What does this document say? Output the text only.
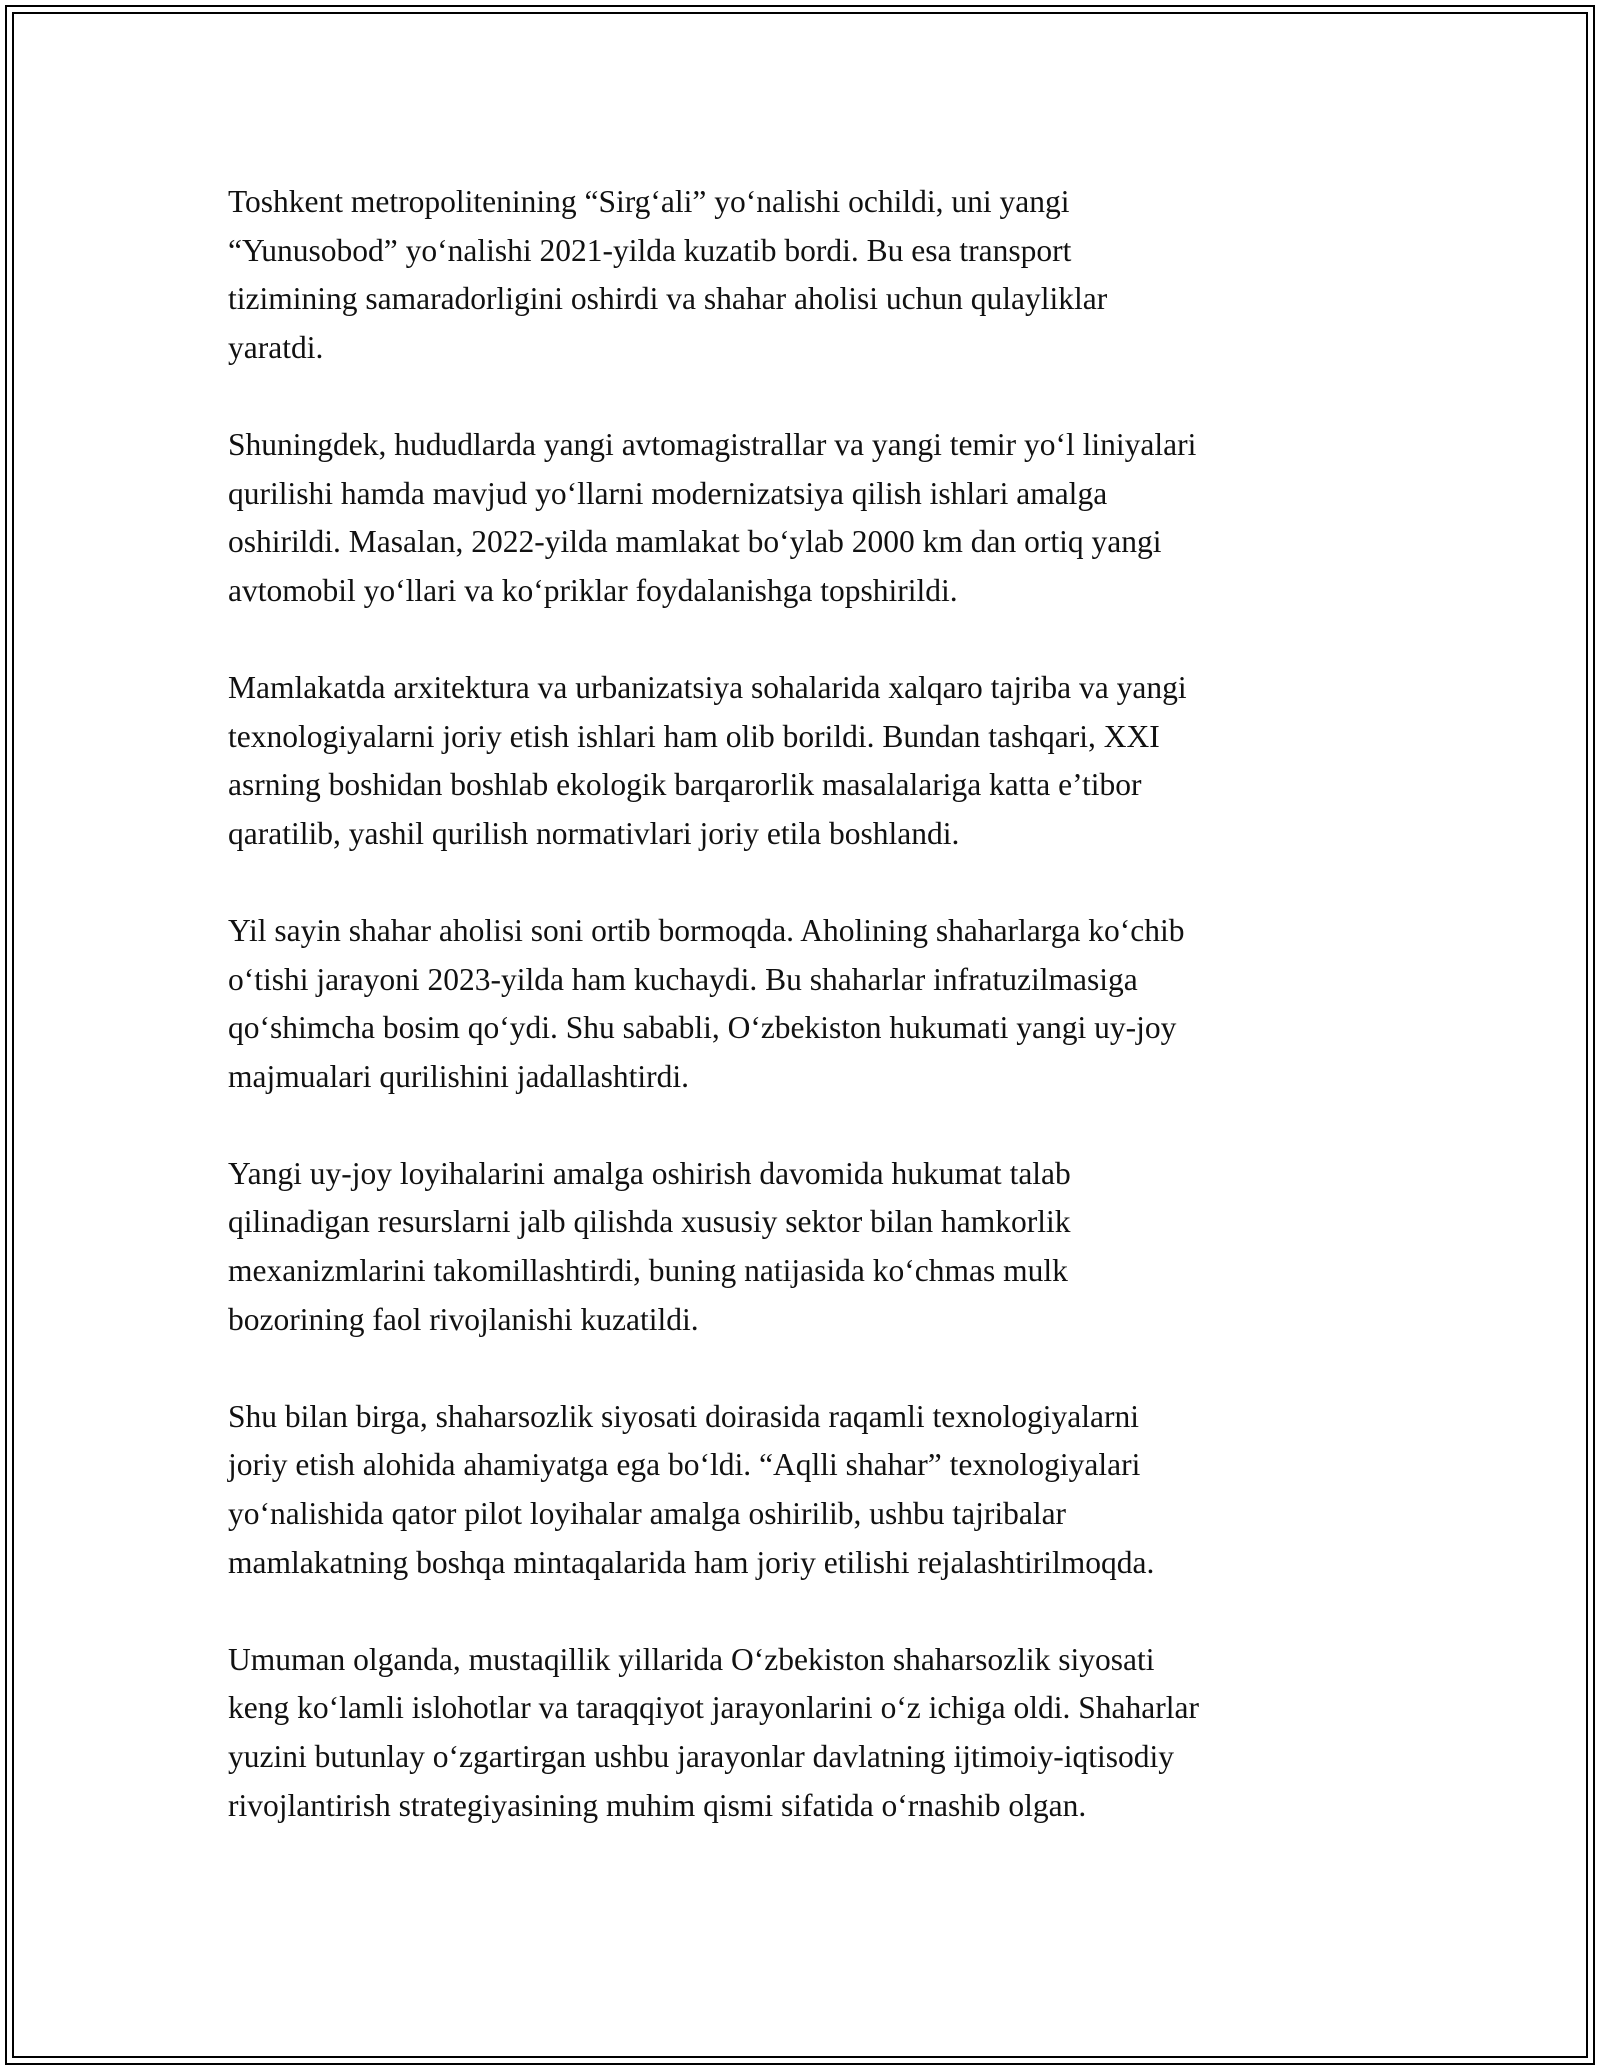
Toshkent metropolitenining “Sirg‘ali” yo‘nalishi ochildi, uni yangi
“Yunusobod” yo‘nalishi 2021-yilda kuzatib bordi. Bu esa transport
tizimining samaradorligini oshirdi va shahar aholisi uchun qulayliklar
yaratdi.

Shuningdek, hududlarda yangi avtomagistrallar va yangi temir yo‘l liniyalari
qurilishi hamda mavjud yo‘llarni modernizatsiya qilish ishlari amalga
oshirildi. Masalan, 2022-yilda mamlakat bo‘ylab 2000 km dan ortiq yangi
avtomobil yo‘llari va ko‘priklar foydalanishga topshirildi.

Mamlakatda arxitektura va urbanizatsiya sohalarida xalqaro tajriba va yangi
texnologiyalarni joriy etish ishlari ham olib borildi. Bundan tashqari, XXI
asrning boshidan boshlab ekologik barqarorlik masalalariga katta e’tibor
qaratilib, yashil qurilish normativlari joriy etila boshlandi.

Yil sayin shahar aholisi soni ortib bormoqda. Aholining shaharlarga ko‘chib
o‘tishi jarayoni 2023-yilda ham kuchaydi. Bu shaharlar infratuzilmasiga
qo‘shimcha bosim qo‘ydi. Shu sababli, O‘zbekiston hukumati yangi uy-joy
majmualari qurilishini jadallashtirdi.

Yangi uy-joy loyihalarini amalga oshirish davomida hukumat talab
qilinadigan resurslarni jalb qilishda xususiy sektor bilan hamkorlik
mexanizmlarini takomillashtirdi, buning natijasida ko‘chmas mulk
bozorining faol rivojlanishi kuzatildi.

Shu bilan birga, shaharsozlik siyosati doirasida raqamli texnologiyalarni
joriy etish alohida ahamiyatga ega bo‘ldi. “Aqlli shahar” texnologiyalari
yo‘nalishida qator pilot loyihalar amalga oshirilib, ushbu tajribalar
mamlakatning boshqa mintaqalarida ham joriy etilishi rejalashtirilmoqda.

Umuman olganda, mustaqillik yillarida O‘zbekiston shaharsozlik siyosati
keng ko‘lamli islohotlar va taraqqiyot jarayonlarini o‘z ichiga oldi. Shaharlar
yuzini butunlay o‘zgartirgan ushbu jarayonlar davlatning ijtimoiy-iqtisodiy
rivojlantirish strategiyasining muhim qismi sifatida o‘rnashib olgan.
